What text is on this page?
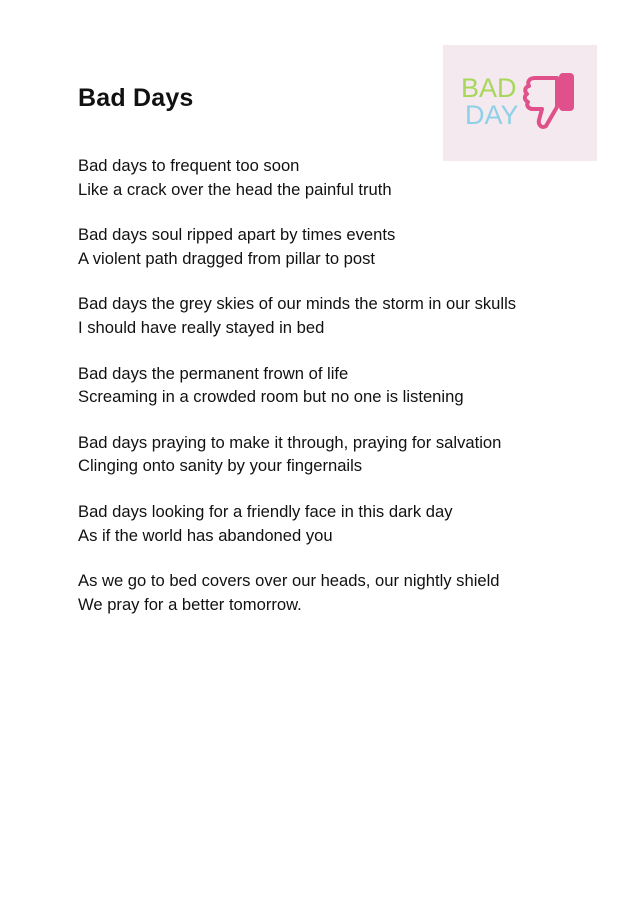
Bad Days	BAD
DAY
Bad days to frequent too soon
Like a crack over the head the painful truth
Bad days soul ripped apart by times events
A violent path dragged from pillar to post
Bad days the grey skies of our minds the storm in our skulls
I should have really stayed in bed
Bad days the permanent frown of life
Screaming in a crowded room but no one is listening
Bad days praying to make it through, praying for salvation
Clinging onto sanity by your fingernails
Bad days looking for a friendly face in this dark day
As if the world has abandoned you
As we go to bed covers over our heads, our nightly shield
We pray for a better tomorrow.
